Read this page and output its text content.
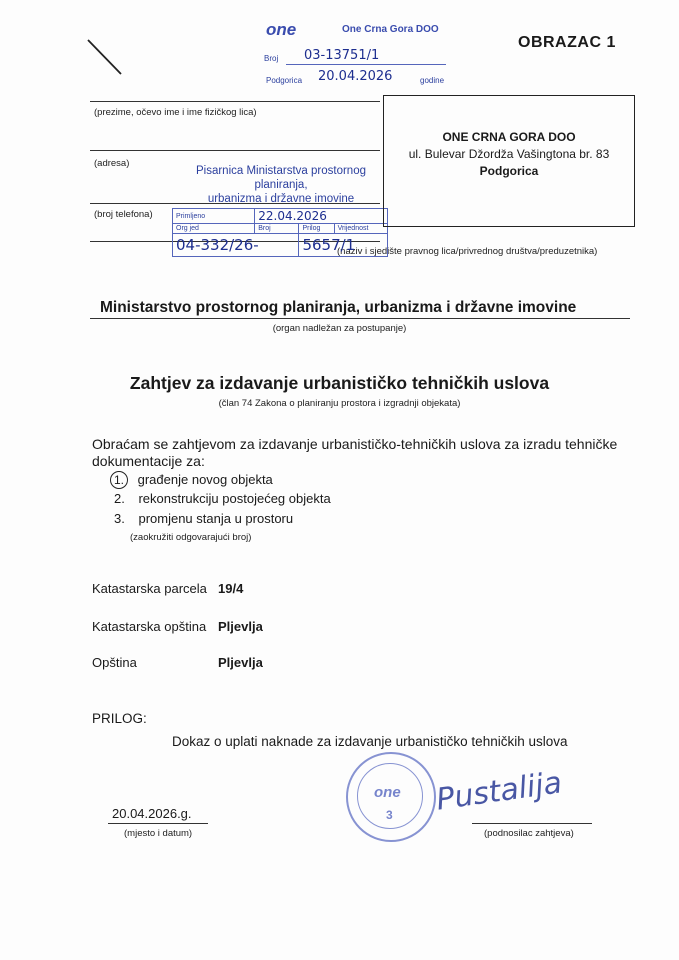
one	One Crna Gora DOO
Broj 03-13751/1
Podgorica 20.04.2026	godine
OBRAZAC 1
(prezime, očevo ime i ime fizičkog lica)
(adresa)
(broj telefona)
(naziv i sjedište pravnog lica/privrednog društva/preduzetnika)
Pisarnica Ministarstva prostornog planiranja,
urbanizma i državne imovine
Primljeno	22.04.2026		
Org jed	Broj	Prilog	Vrijednost
04-332/26-		5657/1	
ONE CRNA GORA DOO
ul. Bulevar Džordža Vašingtona br. 83
Podgorica
Ministarstvo prostornog planiranja, urbanizma i državne imovine
(organ nadležan za postupanje)
Zahtjev za izdavanje urbanističko tehničkih uslova
(član 74 Zakona o planiranju prostora i izgradnji objekata)
Obraćam se zahtjevom za izdavanje urbanističko-tehničkih uslova za izradu tehničke
dokumentacije za:
1. građenje novog objekta
2. rekonstrukciju postojećeg objekta
3. promjenu stanja u prostoru
(zaokružiti odgovarajući broj)
Katastarska parcela 19/4
Katastarska opština Pljevlja
Opština	Pljevlja
PRILOG:
Dokaz o uplati naknade za izdavanje urbanističko tehničkih uslova
20.04.2026.g.
(mjesto i datum)
one
3 Pustalija
(podnosilac zahtjeva)
